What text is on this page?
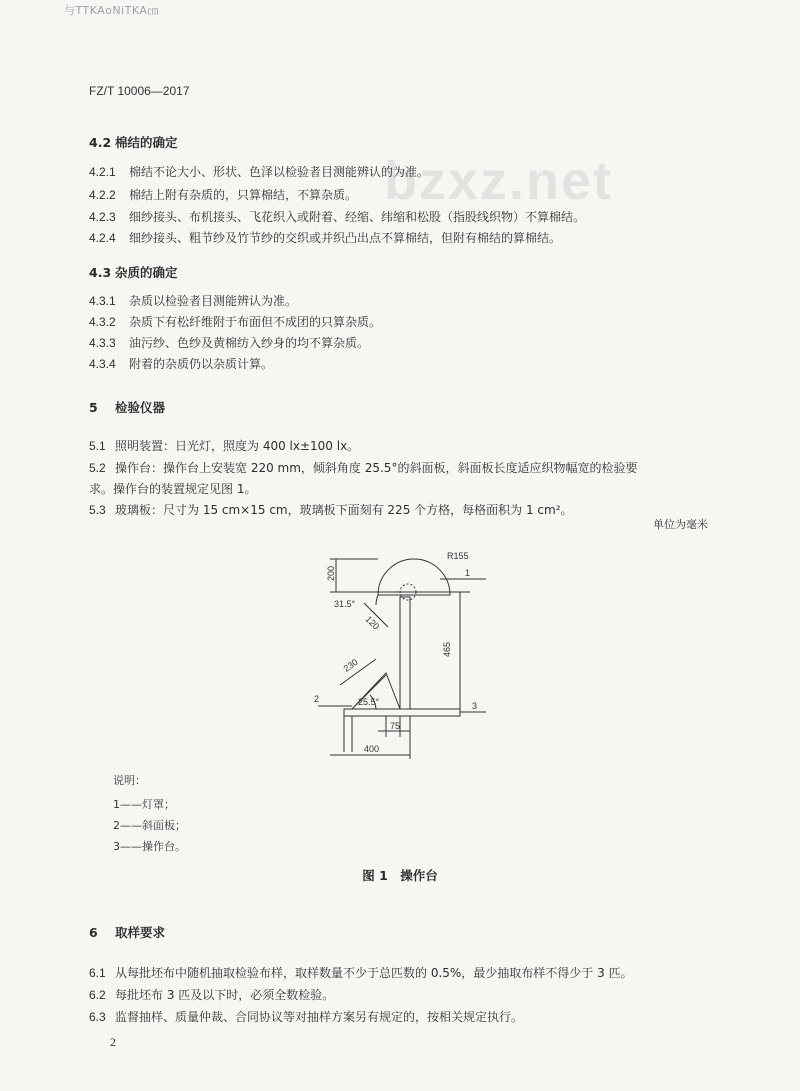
与TTKAoNiTKA㎝
bzxz.net
FZ/T 10006—2017
4.2 棉结的确定
4.2.1 棉结不论大小、形状、色泽以检验者目测能辨认的为准。
4.2.2 棉结上附有杂质的，只算棉结，不算杂质。
4.2.3 细纱接头、布机接头、飞花织入或附着、经缩、纬缩和松股（指股线织物）不算棉结。
4.2.4 细纱接头、粗节纱及竹节纱的交织或并织凸出点不算棉结，但附有棉结的算棉结。
4.3 杂质的确定
4.3.1 杂质以检验者目测能辨认为准。
4.3.2 杂质下有松纤维附于布面但不成团的只算杂质。
4.3.3 油污纱、色纱及黄棉纺入纱身的均不算杂质。
4.3.4 附着的杂质仍以杂质计算。
5 检验仪器
5.1 照明装置：日光灯，照度为 400 lx±100 lx。
5.2 操作台：操作台上安装宽 220 mm，倾斜角度 25.5°的斜面板，斜面板长度适应织物幅宽的检验要
求。操作台的装置规定见图 1。
5.3 玻璃板：尺寸为 15 cm×15 cm，玻璃板下面刻有 225 个方格，每格面积为 1 cm²。
单位为毫米
R155
200
31.5°
120
465
230
25.5°
75
400
1
2
3
说明：
1——灯罩；
2——斜面板；
3——操作台。
图 1　操作台
6 取样要求
6.1 从每批坯布中随机抽取检验布样，取样数量不少于总匹数的 0.5%，最少抽取布样不得少于 3 匹。
6.2 每批坯布 3 匹及以下时，必须全数检验。
6.3 监督抽样、质量仲裁、合同协议等对抽样方案另有规定的，按相关规定执行。
2
